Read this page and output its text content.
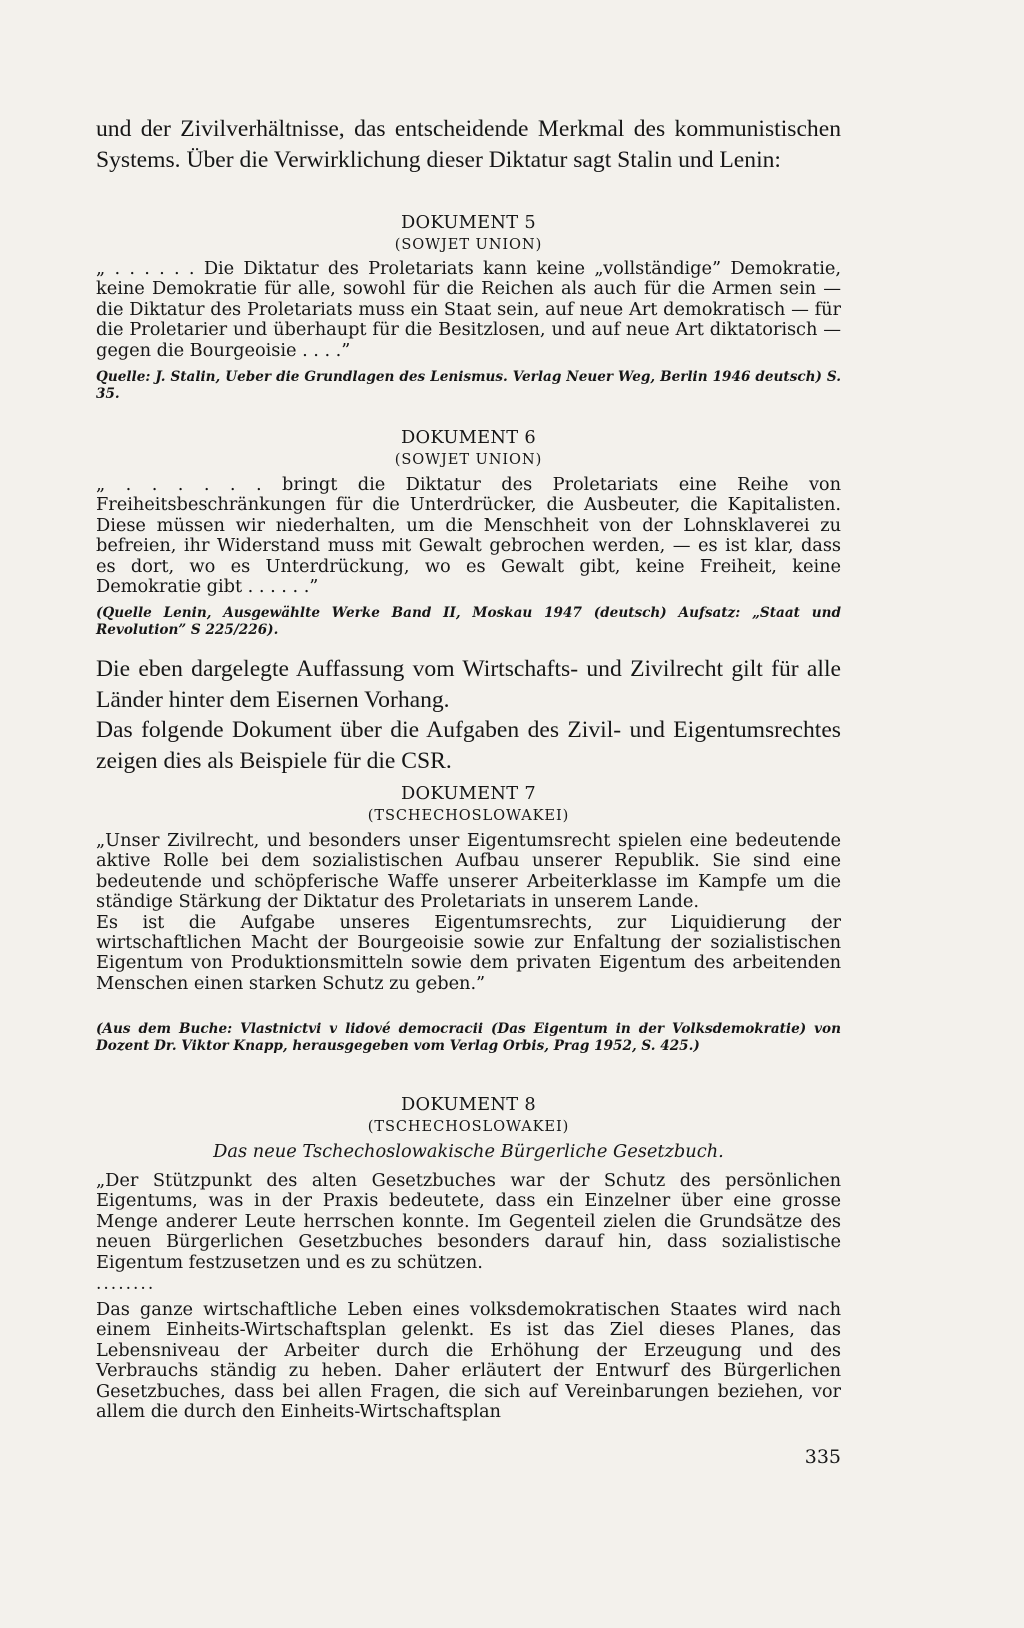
und der Zivilverhältnisse, das entscheidende Merkmal des kommunistischen Systems. Über die Verwirklichung dieser Diktatur sagt Stalin und Lenin:

DOKUMENT 5
(SOWJET UNION)

„ . . . . . . Die Diktatur des Proletariats kann keine „vollständige” Demokratie, keine Demokratie für alle, sowohl für die Reichen als auch für die Armen sein — die Diktatur des Proletariats muss ein Staat sein, auf neue Art demokratisch — für die Proletarier und überhaupt für die Besitzlosen, und auf neue Art diktatorisch — gegen die Bourgeoisie . . . .”

Quelle: J. Stalin, Ueber die Grundlagen des Lenismus. Verlag Neuer Weg, Berlin 1946 deutsch) S. 35.

DOKUMENT 6
(SOWJET UNION)

„ . . . . . . bringt die Diktatur des Proletariats eine Reihe von Freiheitsbeschränkungen für die Unterdrücker, die Ausbeuter, die Kapitalisten. Diese müssen wir niederhalten, um die Menschheit von der Lohnsklaverei zu befreien, ihr Widerstand muss mit Gewalt gebrochen werden, — es ist klar, dass es dort, wo es Unterdrückung, wo es Gewalt gibt, keine Freiheit, keine Demokratie gibt . . . . . .”

(Quelle Lenin, Ausgewählte Werke Band II, Moskau 1947 (deutsch) Aufsatz: „Staat und Revolution” S 225/226).

Die eben dargelegte Auffassung vom Wirtschafts- und Zivilrecht gilt für alle Länder hinter dem Eisernen Vorhang.

Das folgende Dokument über die Aufgaben des Zivil- und Eigentumsrechtes zeigen dies als Beispiele für die CSR.

DOKUMENT 7
(TSCHECHOSLOWAKEI)

„Unser Zivilrecht, und besonders unser Eigentumsrecht spielen eine bedeutende aktive Rolle bei dem sozialistischen Aufbau unserer Republik. Sie sind eine bedeutende und schöpferische Waffe unserer Arbeiterklasse im Kampfe um die ständige Stärkung der Diktatur des Proletariats in unserem Lande.

Es ist die Aufgabe unseres Eigentumsrechts, zur Liquidierung der wirtschaftlichen Macht der Bourgeoisie sowie zur Enfaltung der sozialistischen Eigentum von Produktionsmitteln sowie dem privaten Eigentum des arbeitenden Menschen einen starken Schutz zu geben.”

(Aus dem Buche: Vlastnictvi v lidové democracii (Das Eigentum in der Volksdemokratie) von Dozent Dr. Viktor Knapp, herausgegeben vom Verlag Orbis, Prag 1952, S. 425.)

DOKUMENT 8
(TSCHECHOSLOWAKEI)
Das neue Tschechoslowakische Bürgerliche Gesetzbuch.

„Der Stützpunkt des alten Gesetzbuches war der Schutz des persönlichen Eigentums, was in der Praxis bedeutete, dass ein Einzelner über eine grosse Menge anderer Leute herrschen konnte. Im Gegenteil zielen die Grundsätze des neuen Bürgerlichen Gesetzbuches besonders darauf hin, dass sozialistische Eigentum festzusetzen und es zu schützen.

........

Das ganze wirtschaftliche Leben eines volksdemokratischen Staates wird nach einem Einheits-Wirtschaftsplan gelenkt. Es ist das Ziel dieses Planes, das Lebensniveau der Arbeiter durch die Erhöhung der Erzeugung und des Verbrauchs ständig zu heben. Daher erläutert der Entwurf des Bürgerlichen Gesetzbuches, dass bei allen Fragen, die sich auf Vereinbarungen beziehen, vor allem die durch den Einheits-Wirtschaftsplan

335
